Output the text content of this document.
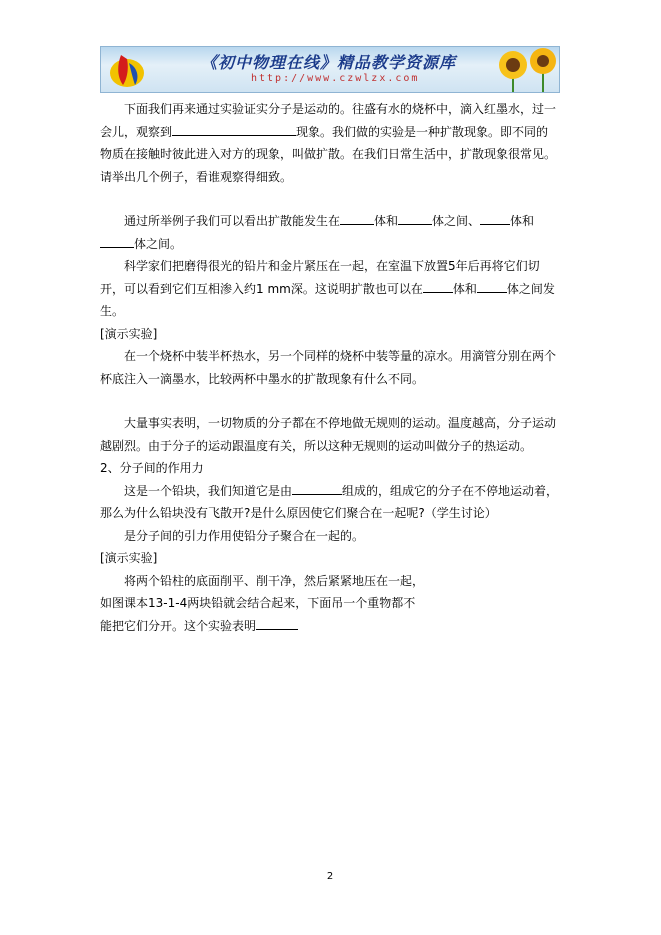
《初中物理在线》精品教学资源库
http://www.czwlzx.com

下面我们再来通过实验证实分子是运动的。往盛有水的烧杯中，滴入红墨水，过一会儿，观察到	现象。我们做的实验是一种扩散现象。即不同的物质在接触时彼此进入对方的现象，叫做扩散。在我们日常生活中，扩散现象很常见。请举出几个例子，看谁观察得细致。

通过所举例子我们可以看出扩散能发生在	体和	体之间、	体和体之间。

科学家们把磨得很光的铅片和金片紧压在一起，在室温下放置5年后再将它们切开，可以看到它们互相渗入约1 mm深。这说明扩散也可以在	体和	体之间发生。

[演示实验]

在一个烧杯中装半杯热水，另一个同样的烧杯中装等量的凉水。用滴管分别在两个杯底注入一滴墨水，比较两杯中墨水的扩散现象有什么不同。

大量事实表明，一切物质的分子都在不停地做无规则的运动。温度越高，分子运动越剧烈。由于分子的运动跟温度有关，所以这种无规则的运动叫做分子的热运动。

2、分子间的作用力

这是一个铅块，我们知道它是由	组成的，组成它的分子在不停地运动着，那么为什么铅块没有飞散开?是什么原因使它们聚合在一起呢?（学生讨论）

是分子间的引力作用使铅分子聚合在一起的。

[演示实验]

将两个铅柱的底面削平、削干净，然后紧紧地压在一起，

如图课本13-1-4两块铅就会结合起来，下面吊一个重物都不

能把它们分开。这个实验表明

2
